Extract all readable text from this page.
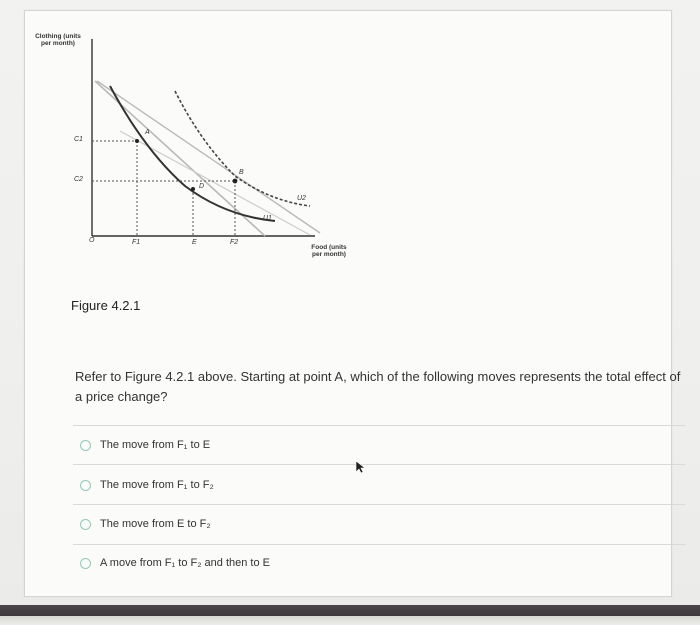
Clothing (units per month)
Food (units per month)
O
C1
C2
F1	E	F2
A
B
D
U1
U2
Figure 4.2.1
Refer to Figure 4.2.1 above. Starting at point A, which of the following moves represents the total effect of a price change?
The move from F₁ to E
The move from F₁ to F₂
The move from E to F₂
A move from F₁ to F₂ and then to E
